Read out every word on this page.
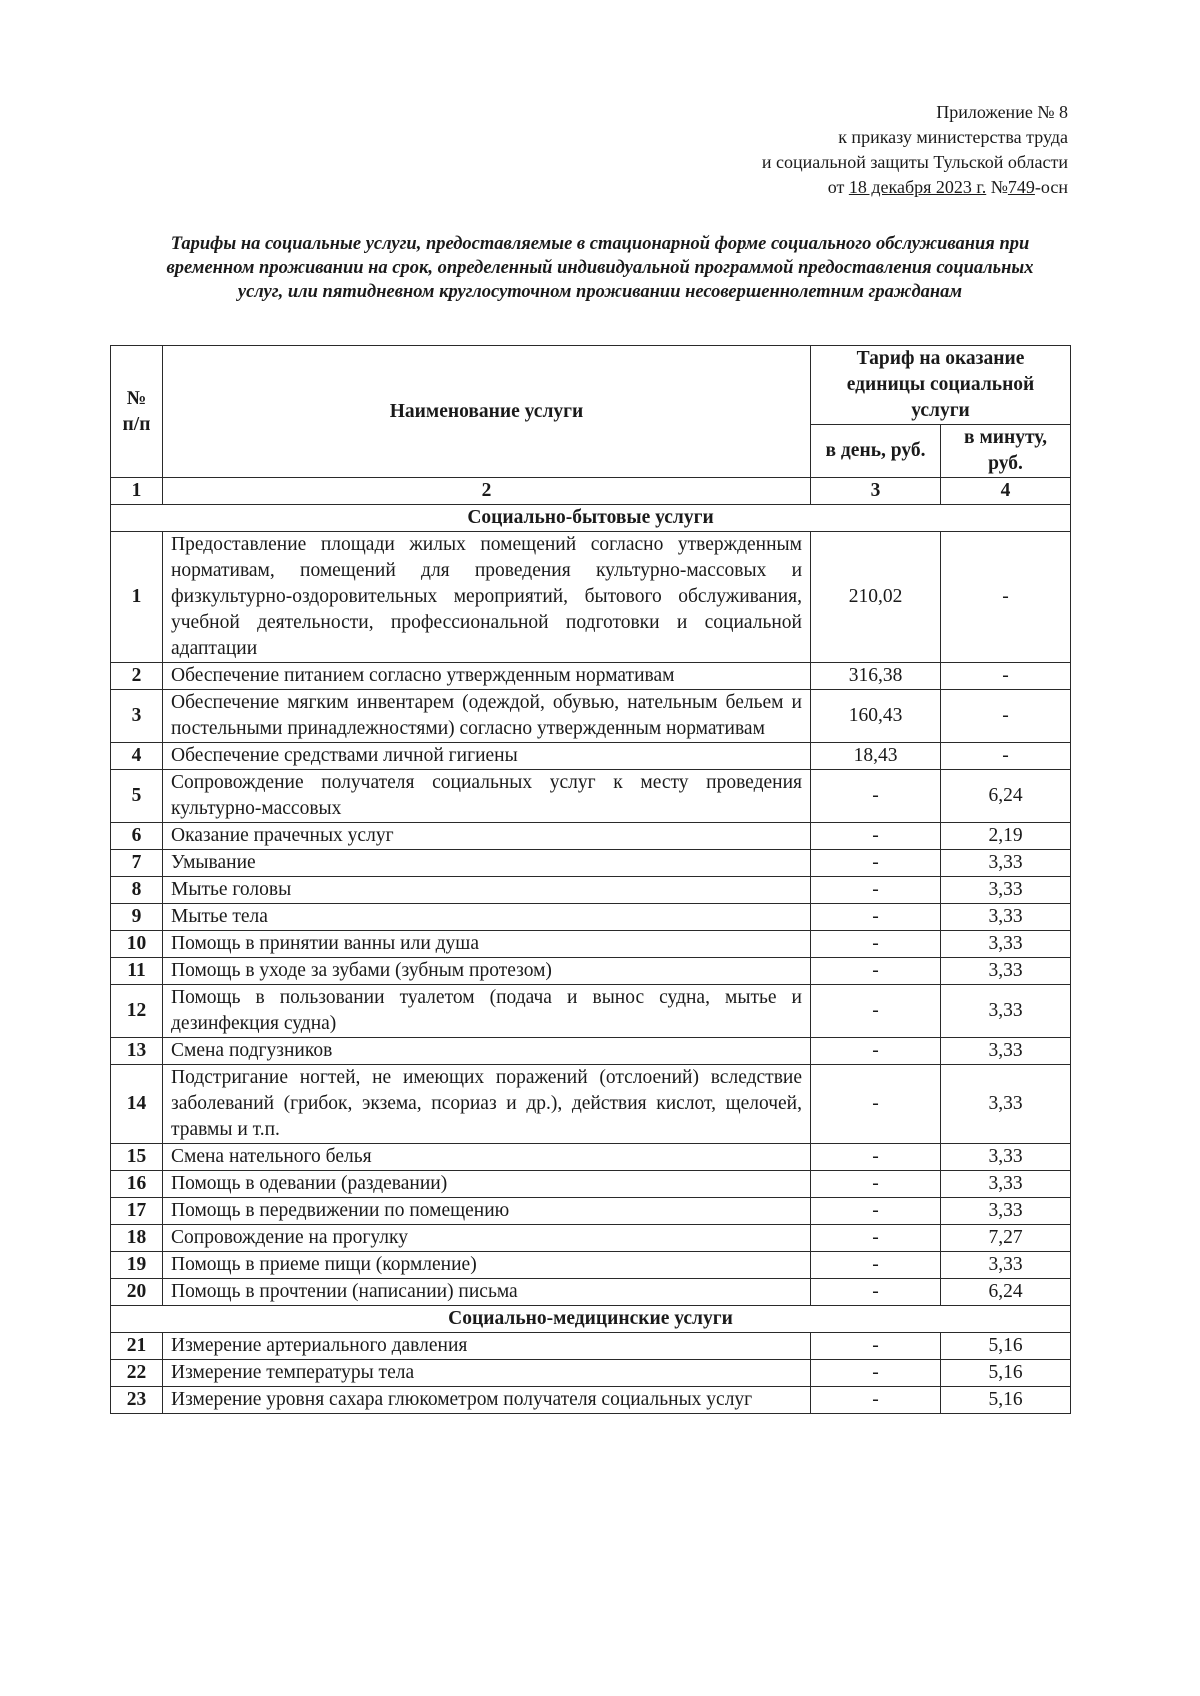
Приложение № 8
к приказу министерства труда
и социальной защиты Тульской области
от 18 декабря 2023 г. №749-осн
Тарифы на социальные услуги, предоставляемые в стационарной форме социального обслуживания при временном проживании на срок, определенный индивидуальной программой предоставления социальных услуг, или пятидневном круглосуточном проживании несовершеннолетним гражданам
№ п/п	Наименование услуги	Тариф на оказание единицы социальной услуги	
		в день, руб.	в минуту, руб.
1	2	3	4
Социально-бытовые услуги			
1	Предоставление площади жилых помещений согласно утвержденным нормативам, помещений для проведения культурно-массовых и физкультурно-оздоровительных мероприятий, бытового обслуживания, учебной деятельности, профессиональной подготовки и социальной адаптации	210,02	-
2	Обеспечение питанием согласно утвержденным нормативам	316,38	-
3	Обеспечение мягким инвентарем (одеждой, обувью, нательным бельем и постельными принадлежностями) согласно утвержденным нормативам	160,43	-
4	Обеспечение средствами личной гигиены	18,43	-
5	Сопровождение получателя социальных услуг к месту проведения культурно-массовых	-	6,24
6	Оказание прачечных услуг	-	2,19
7	Умывание	-	3,33
8	Мытье головы	-	3,33
9	Мытье тела	-	3,33
10	Помощь в принятии ванны или душа	-	3,33
11	Помощь в уходе за зубами (зубным протезом)	-	3,33
12	Помощь в пользовании туалетом (подача и вынос судна, мытье и дезинфекция судна)	-	3,33
13	Смена подгузников	-	3,33
14	Подстригание ногтей, не имеющих поражений (отслоений) вследствие заболеваний (грибок, экзема, псориаз и др.), действия кислот, щелочей, травмы и т.п.	-	3,33
15	Смена нательного белья	-	3,33
16	Помощь в одевании (раздевании)	-	3,33
17	Помощь в передвижении по помещению	-	3,33
18	Сопровождение на прогулку	-	7,27
19	Помощь в приеме пищи (кормление)	-	3,33
20	Помощь в прочтении (написании) письма	-	6,24
Социально-медицинские услуги			
21	Измерение артериального давления	-	5,16
22	Измерение температуры тела	-	5,16
23	Измерение уровня сахара глюкометром получателя социальных услуг	-	5,16
